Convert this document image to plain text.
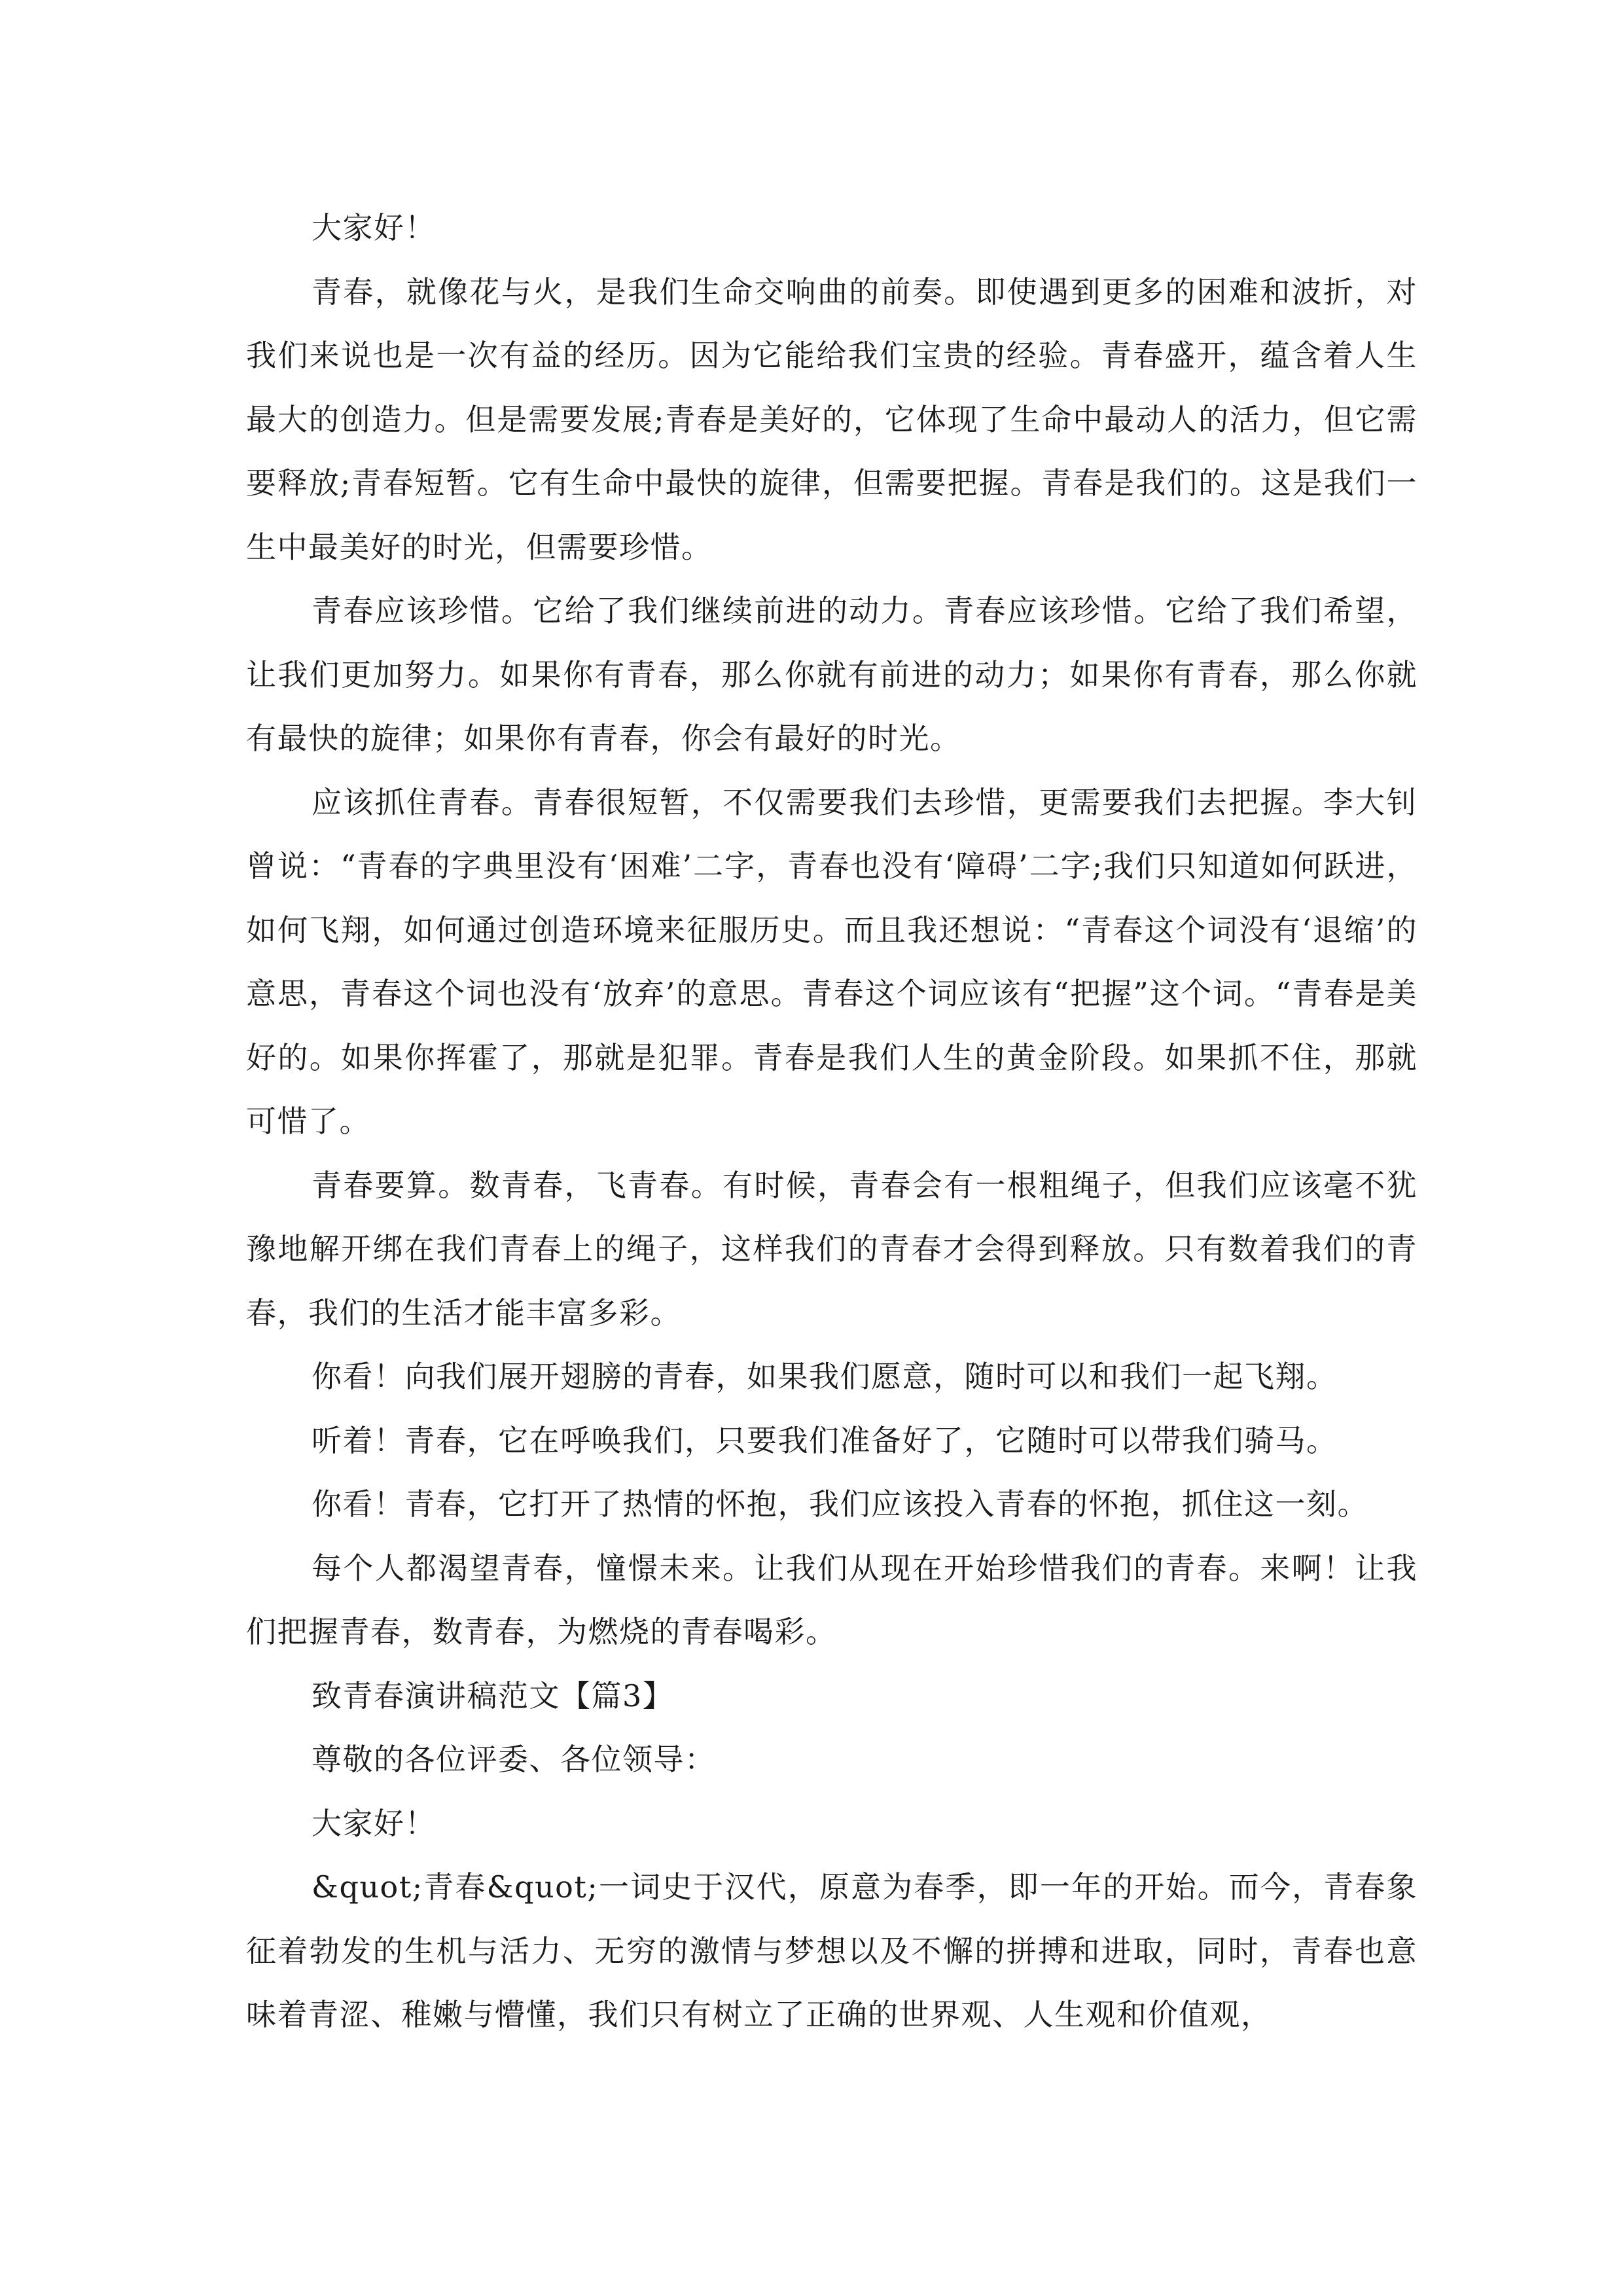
大家好！

青春，就像花与火，是我们生命交响曲的前奏。即使遇到更多的困难和波折，对我们来说也是一次有益的经历。因为它能给我们宝贵的经验。青春盛开，蕴含着人生最大的创造力。但是需要发展;青春是美好的，它体现了生命中最动人的活力，但它需要释放;青春短暂。它有生命中最快的旋律，但需要把握。青春是我们的。这是我们一生中最美好的时光，但需要珍惜。

青春应该珍惜。它给了我们继续前进的动力。青春应该珍惜。它给了我们希望，让我们更加努力。如果你有青春，那么你就有前进的动力；如果你有青春，那么你就有最快的旋律；如果你有青春，你会有最好的时光。

应该抓住青春。青春很短暂，不仅需要我们去珍惜，更需要我们去把握。李大钊曾说：“青春的字典里没有‘困难’二字，青春也没有‘障碍’二字;我们只知道如何跃进，如何飞翔，如何通过创造环境来征服历史。而且我还想说：“青春这个词没有‘退缩’的意思，青春这个词也没有‘放弃’的意思。青春这个词应该有“把握”这个词。“青春是美好的。如果你挥霍了，那就是犯罪。青春是我们人生的黄金阶段。如果抓不住，那就可惜了。

青春要算。数青春，飞青春。有时候，青春会有一根粗绳子，但我们应该毫不犹豫地解开绑在我们青春上的绳子，这样我们的青春才会得到释放。只有数着我们的青春，我们的生活才能丰富多彩。

你看！向我们展开翅膀的青春，如果我们愿意，随时可以和我们一起飞翔。

听着！青春，它在呼唤我们，只要我们准备好了，它随时可以带我们骑马。

你看！青春，它打开了热情的怀抱，我们应该投入青春的怀抱，抓住这一刻。

每个人都渴望青春，憧憬未来。让我们从现在开始珍惜我们的青春。来啊！让我们把握青春，数青春，为燃烧的青春喝彩。

致青春演讲稿范文【篇3】

尊敬的各位评委、各位领导：

大家好！

&quot;青春&quot;一词史于汉代，原意为春季，即一年的开始。而今，青春象征着勃发的生机与活力、无穷的激情与梦想以及不懈的拼搏和进取，同时，青春也意味着青涩、稚嫩与懵懂，我们只有树立了正确的世界观、人生观和价值观，
